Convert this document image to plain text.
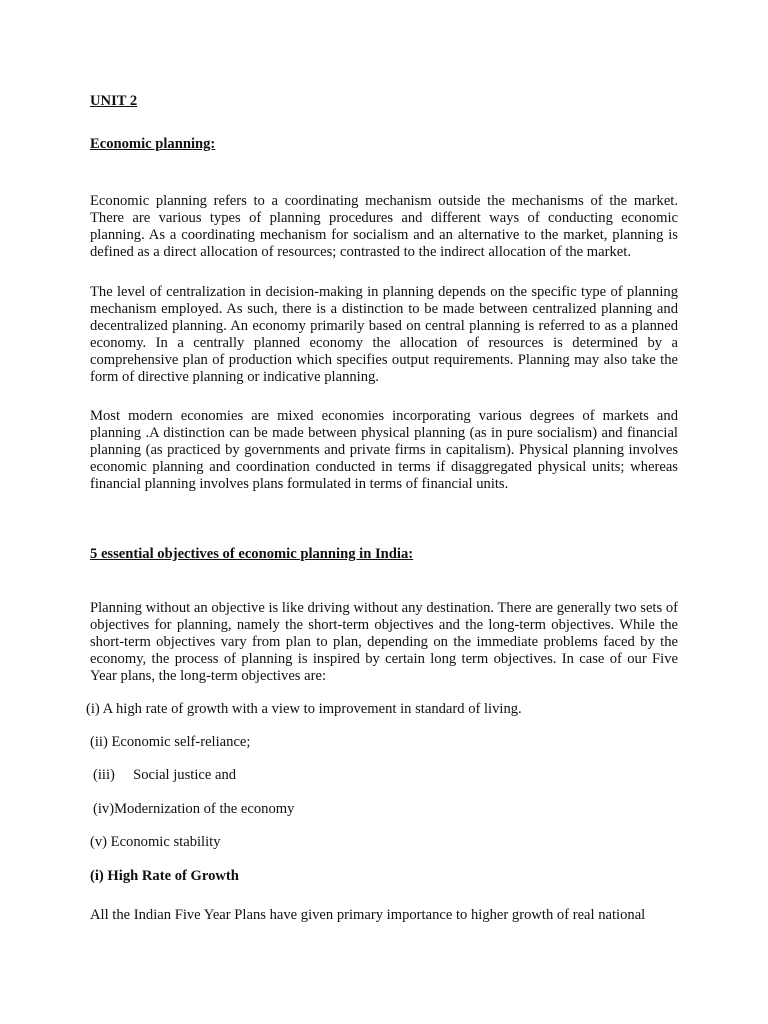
UNIT 2

Economic planning:

Economic planning refers to a coordinating mechanism outside the mechanisms of the market. There are various types of planning procedures and different ways of conducting economic planning. As a coordinating mechanism for socialism and an alternative to the market, planning is defined as a direct allocation of resources; contrasted to the indirect allocation of the market.

The level of centralization in decision-making in planning depends on the specific type of planning mechanism employed. As such, there is a distinction to be made between centralized planning and decentralized planning. An economy primarily based on central planning is referred to as a planned economy. In a centrally planned economy the allocation of resources is determined by a comprehensive plan of production which specifies output requirements. Planning may also take the form of directive planning or indicative planning.

Most modern economies are mixed economies incorporating various degrees of markets and planning .A distinction can be made between physical planning (as in pure socialism) and financial planning (as practiced by governments and private firms in capitalism). Physical planning involves economic planning and coordination conducted in terms if disaggregated physical units; whereas financial planning involves plans formulated in terms of financial units.

5 essential objectives of economic planning in India:

Planning without an objective is like driving without any destination. There are generally two sets of objectives for planning, namely the short-term objectives and the long-term objectives. While the short-term objectives vary from plan to plan, depending on the immediate problems faced by the economy, the process of planning is inspired by certain long term objectives. In case of our Five Year plans, the long-term objectives are:

(i) A high rate of growth with a view to improvement in standard of living.

(ii) Economic self-reliance;

(iii)     Social justice and

(iv)Modernization of the economy

(v) Economic stability

(i) High Rate of Growth

All the Indian Five Year Plans have given primary importance to higher growth of real national
